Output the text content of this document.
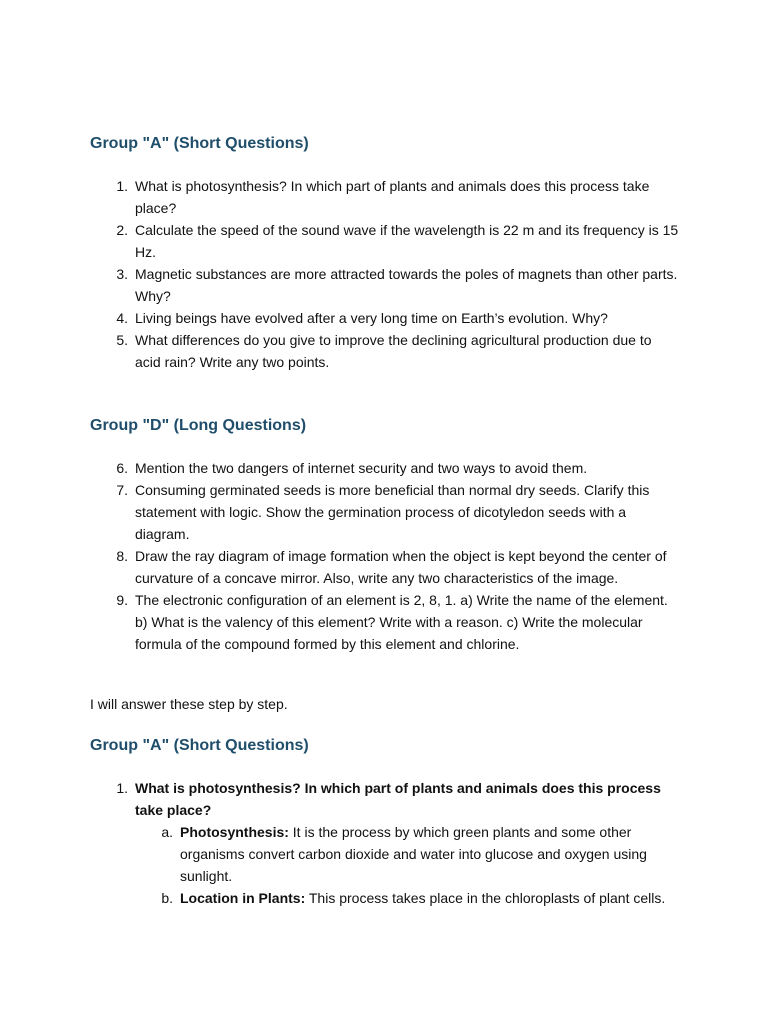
Group "A" (Short Questions)
1. What is photosynthesis? In which part of plants and animals does this process take place?
2. Calculate the speed of the sound wave if the wavelength is 22 m and its frequency is 15 Hz.
3. Magnetic substances are more attracted towards the poles of magnets than other parts. Why?
4. Living beings have evolved after a very long time on Earth’s evolution. Why?
5. What differences do you give to improve the declining agricultural production due to acid rain? Write any two points.
Group "D" (Long Questions)
6. Mention the two dangers of internet security and two ways to avoid them.
7. Consuming germinated seeds is more beneficial than normal dry seeds. Clarify this statement with logic. Show the germination process of dicotyledon seeds with a diagram.
8. Draw the ray diagram of image formation when the object is kept beyond the center of curvature of a concave mirror. Also, write any two characteristics of the image.
9. The electronic configuration of an element is 2, 8, 1. a) Write the name of the element. b) What is the valency of this element? Write with a reason. c) Write the molecular formula of the compound formed by this element and chlorine.

I will answer these step by step.

Group "A" (Short Questions)
1. What is photosynthesis? In which part of plants and animals does this process take place?
a. Photosynthesis: It is the process by which green plants and some other organisms convert carbon dioxide and water into glucose and oxygen using sunlight.
b. Location in Plants: This process takes place in the chloroplasts of plant cells.
